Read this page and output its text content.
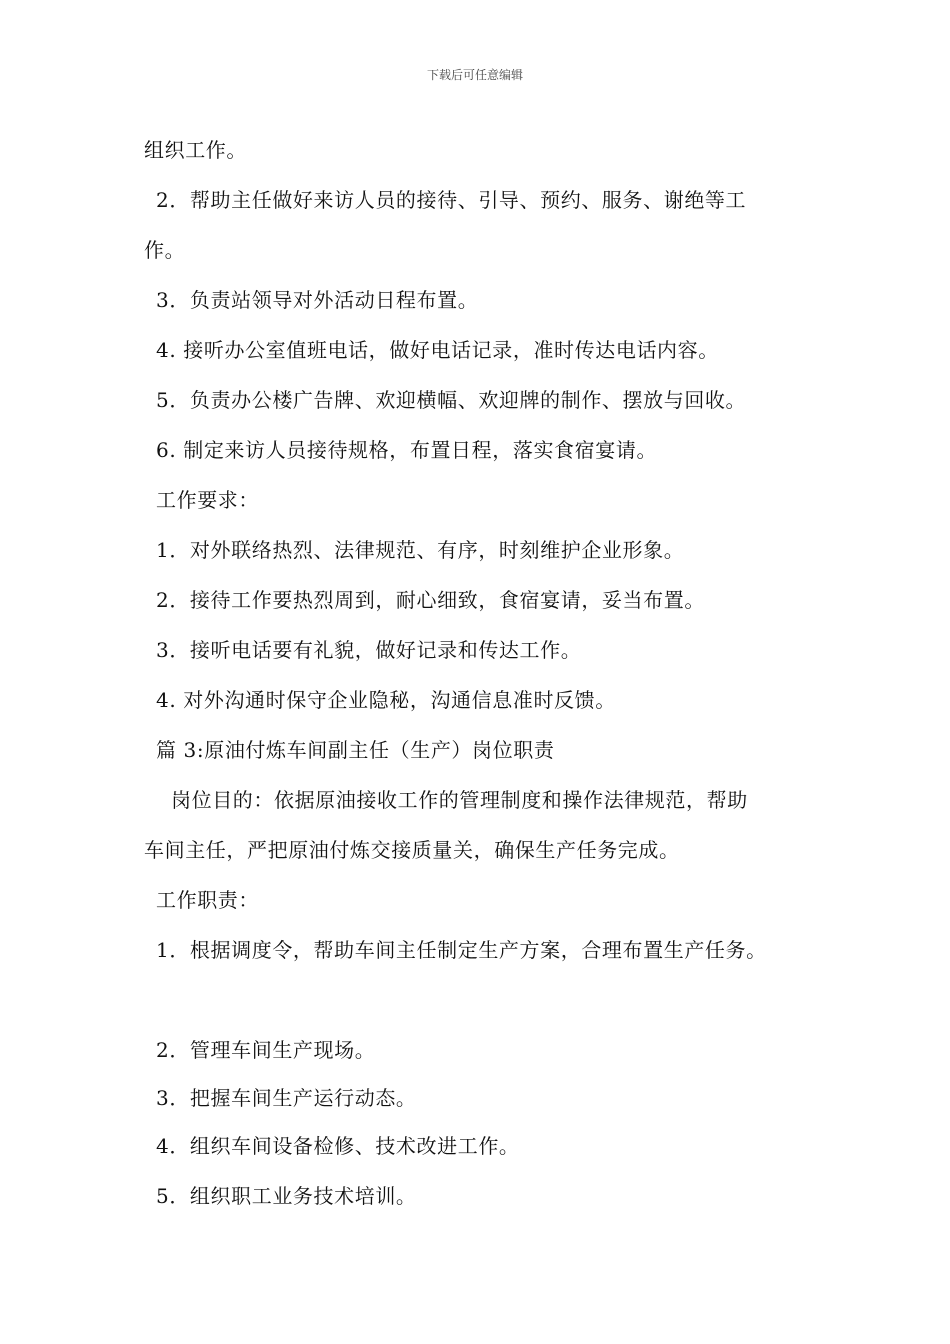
下载后可任意编辑
组织工作。
2．帮助主任做好来访人员的接待、引导、预约、服务、谢绝等工
作。
3．负责站领导对外活动日程布置。
4. 接听办公室值班电话，做好电话记录，准时传达电话内容。
5．负责办公楼广告牌、欢迎横幅、欢迎牌的制作、摆放与回收。
6. 制定来访人员接待规格，布置日程，落实食宿宴请。
工作要求：
1．对外联络热烈、法律规范、有序，时刻维护企业形象。
2．接待工作要热烈周到，耐心细致，食宿宴请，妥当布置。
3．接听电话要有礼貌，做好记录和传达工作。
4. 对外沟通时保守企业隐秘，沟通信息准时反馈。
篇 3:原油付炼车间副主任（生产）岗位职责
岗位目的：依据原油接收工作的管理制度和操作法律规范，帮助
车间主任，严把原油付炼交接质量关，确保生产任务完成。
工作职责：
1．根据调度令，帮助车间主任制定生产方案，合理布置生产任务。
2．管理车间生产现场。
3．把握车间生产运行动态。
4．组织车间设备检修、技术改进工作。
5．组织职工业务技术培训。
